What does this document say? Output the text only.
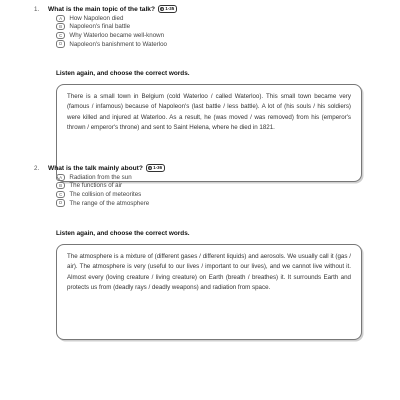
1.	What is the main topic of the talk?	● 1-35
A	How Napoleon died
B	Napoleon's final battle
C	Why Waterloo became well-known
D	Napoleon's banishment to Waterloo
Listen again, and choose the correct words.
There is a small town in Belgium (cold Waterloo / called Waterloo). This small town became very (famous / infamous) because of Napoleon's (last battle / less battle). A lot of (his souls / his soldiers) were killed and injured at Waterloo. As a result, he (was moved / was removed) from his (emperor's thrown / emperor's throne) and sent to Saint Helena, where he died in 1821.
2.	What is the talk mainly about?	● 1-36
A	Radiation from the sun
B	The functions of air
C	The collision of meteorites
D	The range of the atmosphere
Listen again, and choose the correct words.
The atmosphere is a mixture of (different gases / different liquids) and aerosols. We usually call it (gas / air). The atmosphere is very (useful to our lives / important to our lives), and we cannot live without it. Almost every (loving creature / living creature) on Earth (breath / breathes) it. It surrounds Earth and protects us from (deadly rays / deadly weapons) and radiation from space.
